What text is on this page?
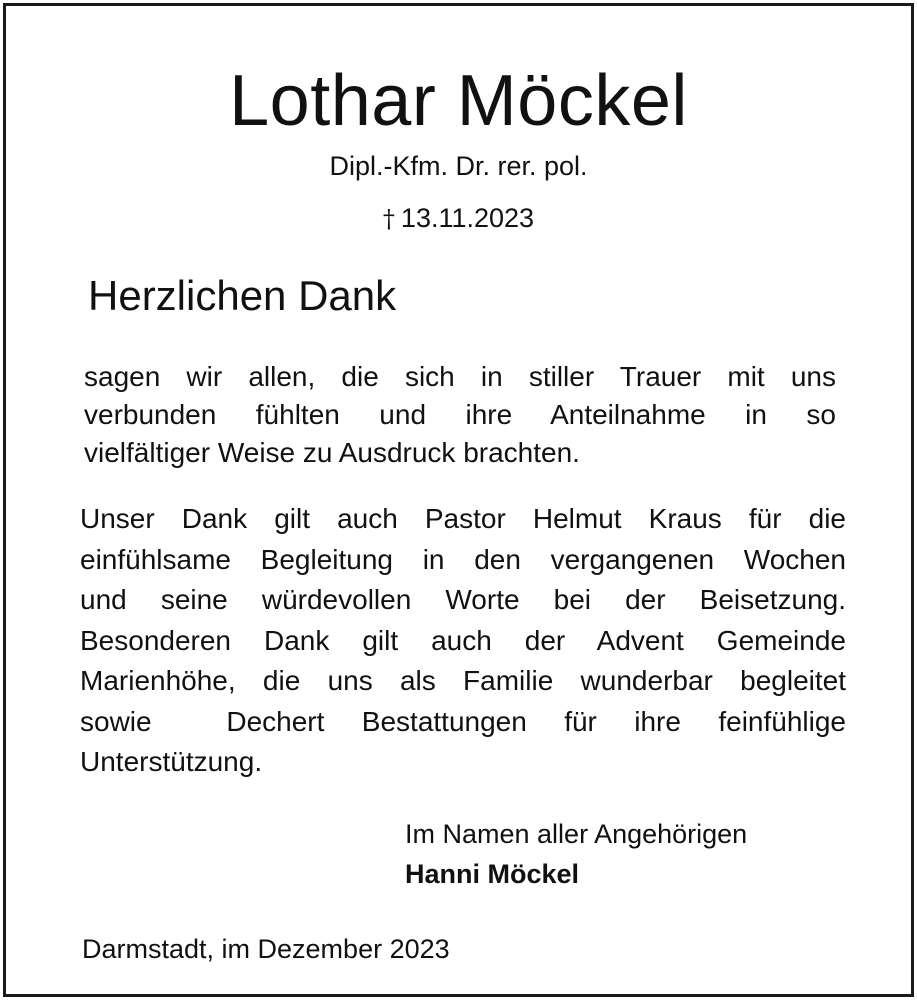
Lothar Möckel
Dipl.-Kfm. Dr. rer. pol.
† 13.11.2023
Herzlichen Dank
sagen wir allen, die sich in stiller Trauer mit uns
verbunden fühlten und ihre Anteilnahme in so
vielfältiger Weise zu Ausdruck brachten.
Unser Dank gilt auch Pastor Helmut Kraus für die
einfühlsame Begleitung in den vergangenen Wochen
und seine würdevollen Worte bei der Beisetzung.
Besonderen Dank gilt auch der Advent Gemeinde
Marienhöhe, die uns als Familie wunderbar begleitet
sowie  Dechert Bestattungen für ihre feinfühlige
Unterstützung.
Im Namen aller Angehörigen
Hanni Möckel
Darmstadt, im Dezember 2023
